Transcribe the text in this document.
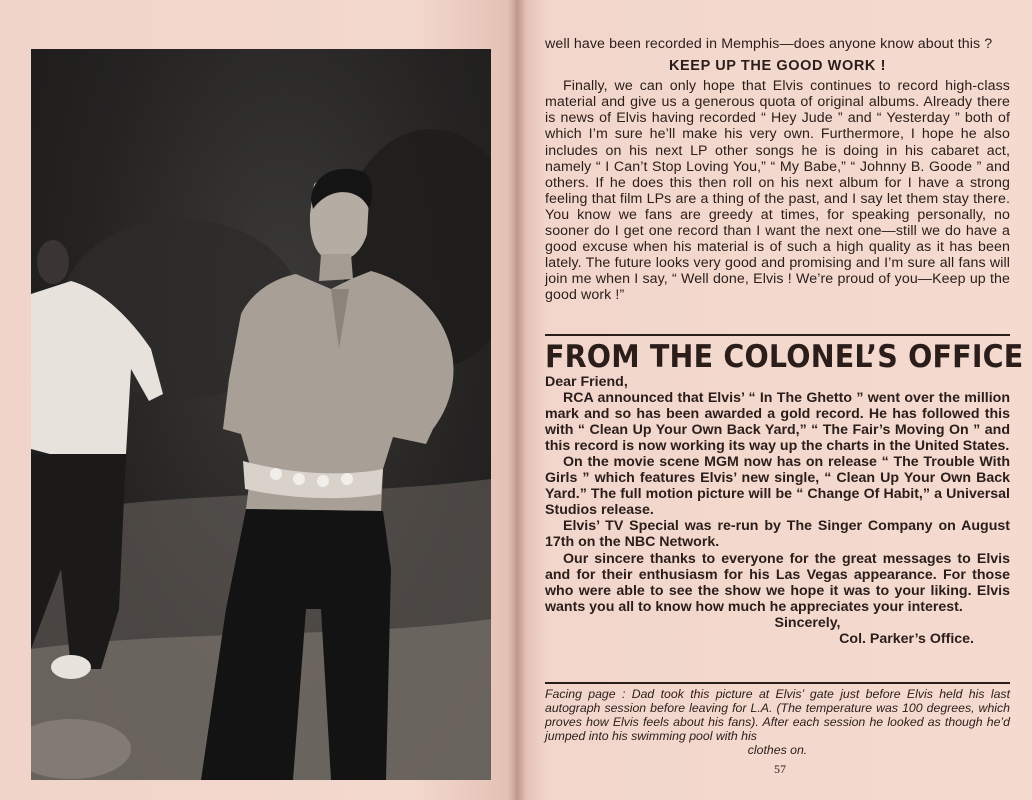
well have been recorded in Memphis—does anyone know about this ?

KEEP UP THE GOOD WORK !

Finally, we can only hope that Elvis continues to record high-class material and give us a generous quota of original albums. Already there is news of Elvis having recorded “ Hey Jude ” and “ Yesterday ” both of which I’m sure he’ll make his very own. Furthermore, I hope he also includes on his next LP other songs he is doing in his cabaret act, namely “ I Can’t Stop Loving You,” “ My Babe,” “ Johnny B. Goode ” and others. If he does this then roll on his next album for I have a strong feeling that film LPs are a thing of the past, and I say let them stay there. You know we fans are greedy at times, for speaking personally, no sooner do I get one record than I want the next one—still we do have a good excuse when his material is of such a high quality as it has been lately. The future looks very good and promising and I’m sure all fans will join me when I say, “ Well done, Elvis ! We’re proud of you—Keep up the good work !”

FROM THE COLONEL’S OFFICE

Dear Friend,

RCA announced that Elvis’ “ In The Ghetto ” went over the million mark and so has been awarded a gold record. He has followed this with “ Clean Up Your Own Back Yard,” “ The Fair’s Moving On ” and this record is now working its way up the charts in the United States.

On the movie scene MGM now has on release “ The Trouble With Girls ” which features Elvis’ new single, “ Clean Up Your Own Back Yard.” The full motion picture will be “ Change Of Habit,” a Universal Studios release.

Elvis’ TV Special was re-run by The Singer Company on August 17th on the NBC Network.

Our sincere thanks to everyone for the great messages to Elvis and for their enthusiasm for his Las Vegas appearance. For those who were able to see the show we hope it was to your liking. Elvis wants you all to know how much he appreciates your interest.

Sincerely,

Col. Parker’s Office.

Facing page : Dad took this picture at Elvis’ gate just before Elvis held his last autograph session before leaving for L.A. (The temperature was 100 degrees, which proves how Elvis feels about his fans). After each session he looked as though he’d jumped into his swimming pool with his
clothes on.
57
